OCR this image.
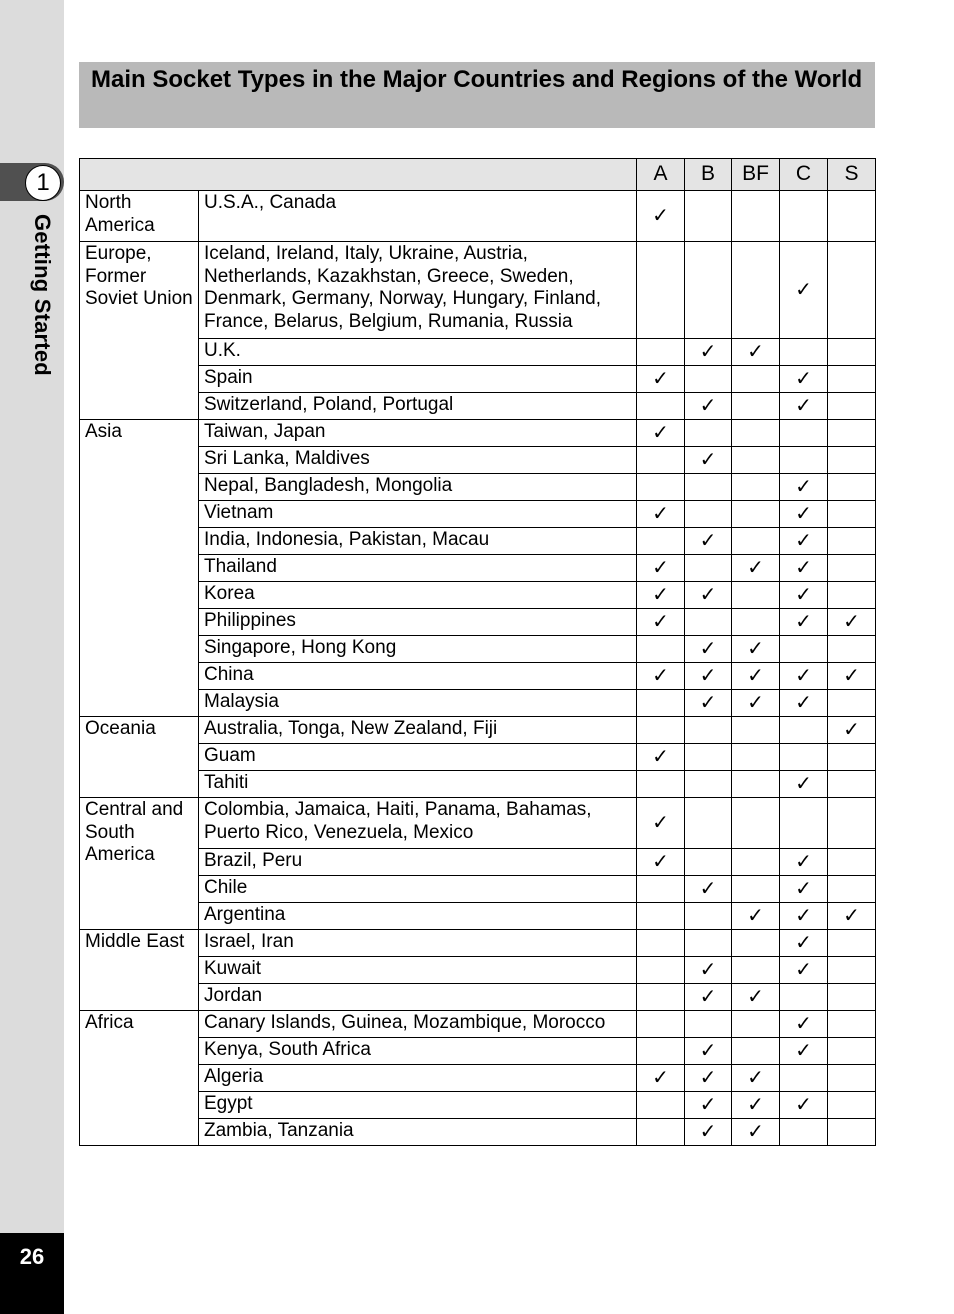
1
Getting Started
26

Main Socket Types in the Major Countries and Regions of the World

		A	B	BF	C	S
North America	U.S.A., Canada	✓				
Europe, Former Soviet Union	Iceland, Ireland, Italy, Ukraine, Austria, Netherlands, Kazakhstan, Greece, Sweden, Denmark, Germany, Norway, Hungary, Finland, France, Belarus, Belgium, Rumania, Russia				✓	
	U.K.		✓	✓		
	Spain	✓			✓	
	Switzerland, Poland, Portugal		✓		✓	
Asia	Taiwan, Japan	✓				
	Sri Lanka, Maldives		✓			
	Nepal, Bangladesh, Mongolia				✓	
	Vietnam	✓			✓	
	India, Indonesia, Pakistan, Macau		✓		✓	
	Thailand	✓		✓	✓	
	Korea	✓	✓		✓	
	Philippines	✓			✓	✓
	Singapore, Hong Kong		✓	✓		
	China	✓	✓	✓	✓	✓
	Malaysia		✓	✓	✓	
Oceania	Australia, Tonga, New Zealand, Fiji					✓
	Guam	✓				
	Tahiti				✓	
Central and South America	Colombia, Jamaica, Haiti, Panama, Bahamas, Puerto Rico, Venezuela, Mexico	✓				
	Brazil, Peru	✓			✓	
	Chile		✓		✓	
	Argentina			✓	✓	✓
Middle East	Israel, Iran				✓	
	Kuwait		✓		✓	
	Jordan		✓	✓		
Africa	Canary Islands, Guinea, Mozambique, Morocco				✓	
	Kenya, South Africa		✓		✓	
	Algeria	✓	✓	✓		
	Egypt		✓	✓	✓	
	Zambia, Tanzania		✓	✓		
